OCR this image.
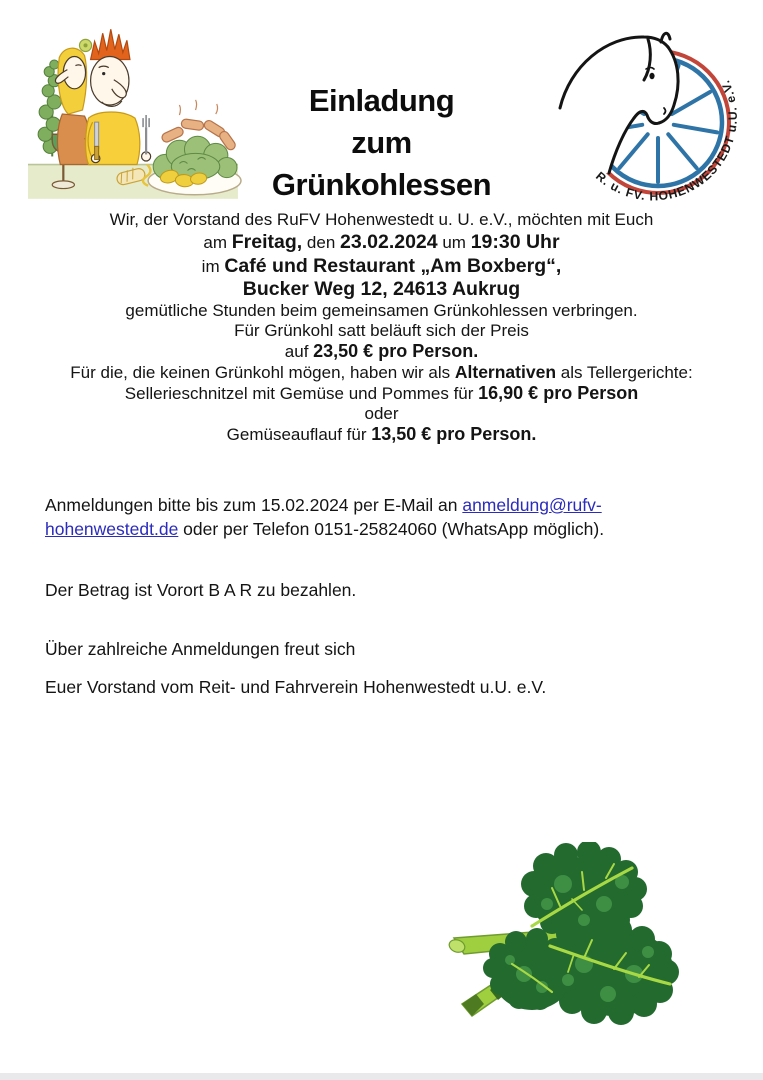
Einladung
zum
Grünkohlessen	R. u. FV. HOHENWESTEDT u.U. e.V.

Wir, der Vorstand des RuFV Hohenwestedt u. U. e.V., möchten mit Euch

am Freitag, den 23.02.2024 um 19:30 Uhr

im Café und Restaurant „Am Boxberg“,
Bucker Weg 12, 24613 Aukrug

gemütliche Stunden beim gemeinsamen Grünkohlessen verbringen.

Für Grünkohl satt beläuft sich der Preis

auf 23,50 € pro Person.

Für die, die keinen Grünkohl mögen, haben wir als Alternativen als Tellergerichte:

Sellerieschnitzel mit Gemüse und Pommes für 16,90 € pro Person

oder

Gemüseauflauf für 13,50 € pro Person.

Anmeldungen bitte bis zum 15.02.2024 per E-Mail an anmeldung@rufv-hohenwestedt.de oder per Telefon 0151-25824060 (WhatsApp möglich).

Der Betrag ist Vorort B A R zu bezahlen.

Über zahlreiche Anmeldungen freut sich

Euer Vorstand vom Reit- und Fahrverein Hohenwestedt u.U. e.V.
